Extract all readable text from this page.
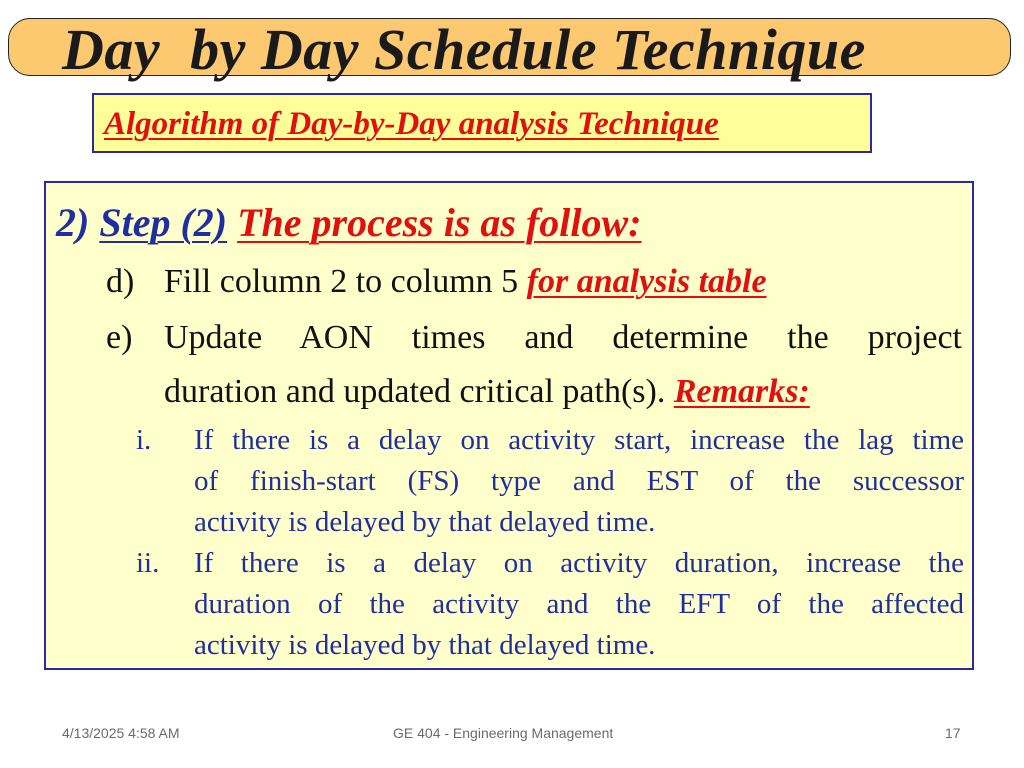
Day  by Day Schedule Technique
Algorithm of Day-by-Day analysis Technique
2) Step (2) The process is as follow:
d) Fill column 2 to column 5 for analysis table
e) Update AON times and determine the project
duration and updated critical path(s). Remarks:
i. If there is a delay on activity start, increase the lag time
of finish-start (FS) type and EST of the successor
activity is delayed by that delayed time.
ii. If there is a delay on activity duration, increase the
duration of the activity and the EFT of the affected
activity is delayed by that delayed time.
4/13/2025 4:58 AM	GE 404 - Engineering Management	17
